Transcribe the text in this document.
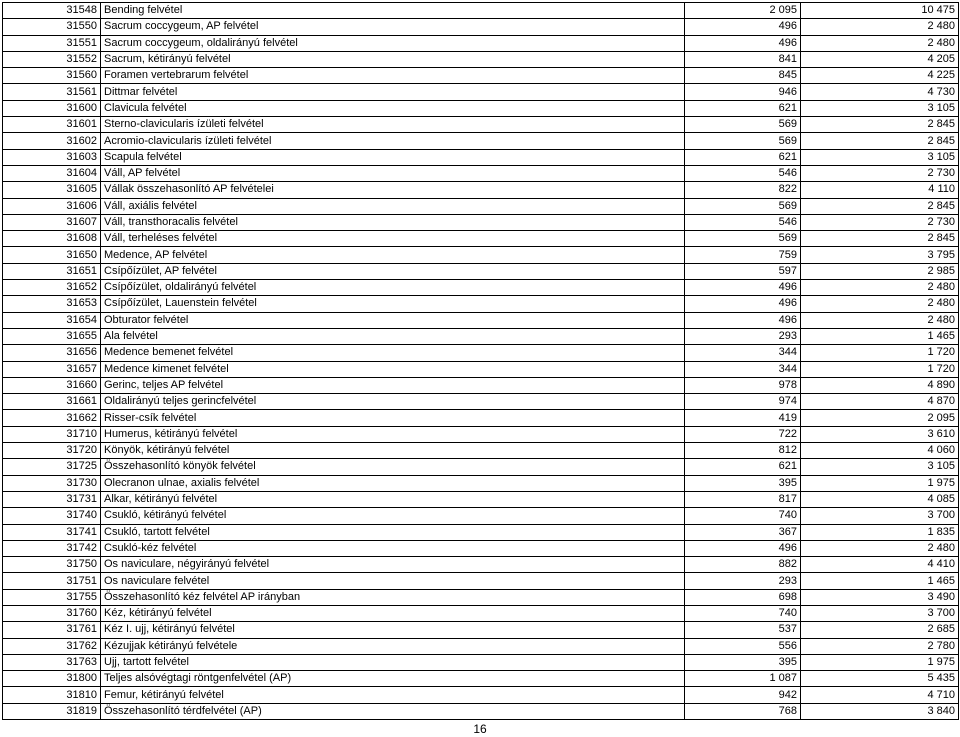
31548	Bending felvétel	2 095	10 475
31550	Sacrum coccygeum, AP felvétel	496	2 480
31551	Sacrum coccygeum, oldalirányú felvétel	496	2 480
31552	Sacrum, kétirányú felvétel	841	4 205
31560	Foramen vertebrarum felvétel	845	4 225
31561	Dittmar felvétel	946	4 730
31600	Clavicula felvétel	621	3 105
31601	Sterno-clavicularis ízületi felvétel	569	2 845
31602	Acromio-clavicularis ízületi felvétel	569	2 845
31603	Scapula felvétel	621	3 105
31604	Váll, AP felvétel	546	2 730
31605	Vállak összehasonlító AP felvételei	822	4 110
31606	Váll, axiális felvétel	569	2 845
31607	Váll, transthoracalis felvétel	546	2 730
31608	Váll, terheléses felvétel	569	2 845
31650	Medence, AP felvétel	759	3 795
31651	Csípőízület, AP felvétel	597	2 985
31652	Csípőízület, oldalirányú felvétel	496	2 480
31653	Csípőízület, Lauenstein felvétel	496	2 480
31654	Obturator felvétel	496	2 480
31655	Ala felvétel	293	1 465
31656	Medence bemenet felvétel	344	1 720
31657	Medence kimenet felvétel	344	1 720
31660	Gerinc, teljes AP felvétel	978	4 890
31661	Oldalirányú teljes gerincfelvétel	974	4 870
31662	Risser-csík felvétel	419	2 095
31710	Humerus, kétirányú felvétel	722	3 610
31720	Könyök, kétirányú felvétel	812	4 060
31725	Összehasonlító könyök felvétel	621	3 105
31730	Olecranon ulnae, axialis felvétel	395	1 975
31731	Alkar, kétirányú felvétel	817	4 085
31740	Csukló, kétirányú felvétel	740	3 700
31741	Csukló, tartott felvétel	367	1 835
31742	Csukló-kéz felvétel	496	2 480
31750	Os naviculare, négyirányú felvétel	882	4 410
31751	Os naviculare felvétel	293	1 465
31755	Összehasonlító kéz felvétel AP irányban	698	3 490
31760	Kéz, kétirányú felvétel	740	3 700
31761	Kéz I. ujj, kétirányú felvétel	537	2 685
31762	Kézujjak kétirányú felvétele	556	2 780
31763	Ujj, tartott felvétel	395	1 975
31800	Teljes alsóvégtagi röntgenfelvétel (AP)	1 087	5 435
31810	Femur, kétirányú felvétel	942	4 710
31819	Összehasonlító térdfelvétel (AP)	768	3 840
16
